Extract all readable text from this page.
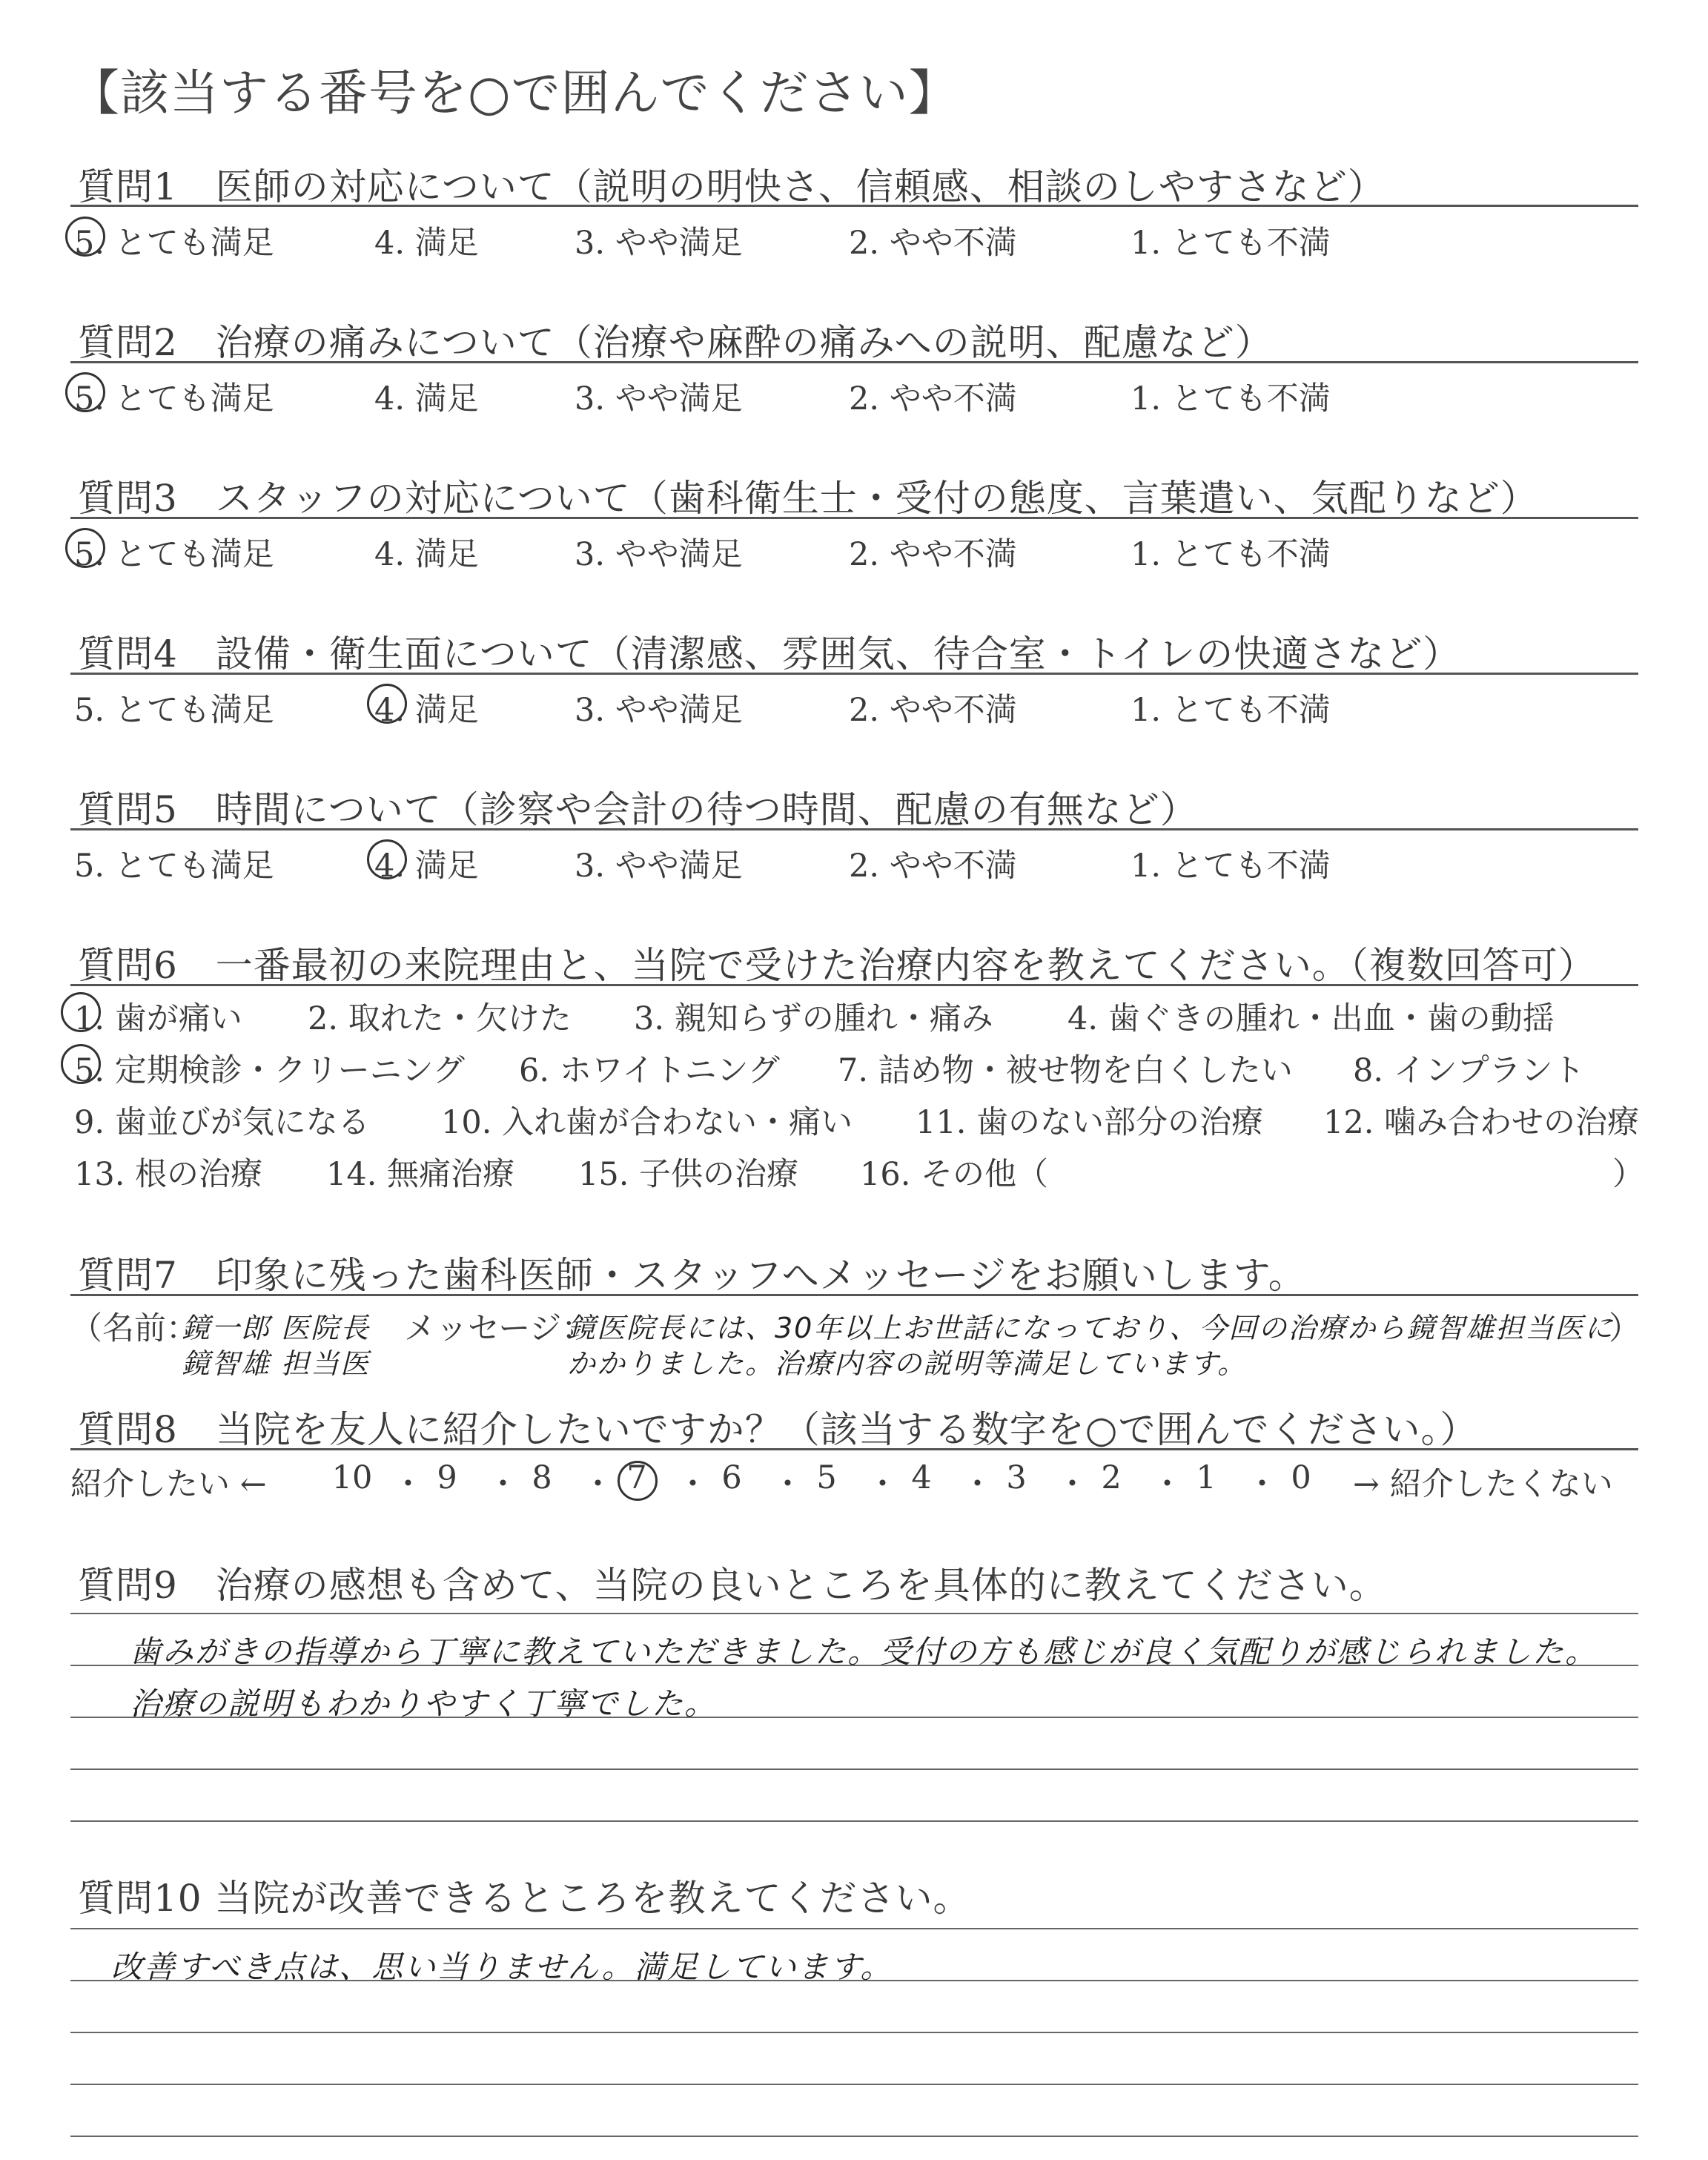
【該当する番号を○で囲んでください】
質問1　医師の対応について（説明の明快さ、信頼感、相談のしやすさなど）
5. とても満足	4. 満足	3. やや満足	2. やや不満	1. とても不満
質問2　治療の痛みについて（治療や麻酔の痛みへの説明、配慮など）
5. とても満足	4. 満足	3. やや満足	2. やや不満	1. とても不満
質問3　スタッフの対応について（歯科衛生士・受付の態度、言葉遣い、気配りなど）
5. とても満足	4. 満足	3. やや満足	2. やや不満	1. とても不満
質問4　設備・衛生面について（清潔感、雰囲気、待合室・トイレの快適さなど）
5. とても満足	4. 満足	3. やや満足	2. やや不満	1. とても不満
質問5　時間について（診察や会計の待つ時間、配慮の有無など）
5. とても満足	4. 満足	3. やや満足	2. やや不満	1. とても不満
質問6　一番最初の来院理由と、当院で受けた治療内容を教えてください。（複数回答可）
1. 歯が痛い 2. 取れた・欠けた 3. 親知らずの腫れ・痛み 4. 歯ぐきの腫れ・出血・歯の動揺
5. 定期検診・クリーニング 6. ホワイトニング 7. 詰め物・被せ物を白くしたい 8. インプラント
9. 歯並びが気になる 10. 入れ歯が合わない・痛い 11. 歯のない部分の治療 12. 噛み合わせの治療
13. 根の治療 14. 無痛治療 15. 子供の治療 16. その他（	）
質問7　印象に残った歯科医師・スタッフへメッセージをお願いします。
（名前：
鏡一郎 医院長
鏡智雄 担当医
メッセージ：
鏡医院長には、30年以上お世話になっており、今回の治療から鏡智雄担当医に
かかりました。治療内容の説明等満足しています。
）
質問8　当院を友人に紹介したいですか？（該当する数字を○で囲んでください。）
紹介したい ← 10 ・ 9 ・ 8 ・ 7 ・ 6 ・ 5 ・ 4 ・ 3 ・ 2 ・ 1 ・ 0	→ 紹介したくない
質問9　治療の感想も含めて、当院の良いところを具体的に教えてください。
歯みがきの指導から丁寧に教えていただきました。受付の方も感じが良く気配りが感じられました。
治療の説明もわかりやすく丁寧でした。
質問10 当院が改善できるところを教えてください。
改善すべき点は、思い当りません。満足しています。
